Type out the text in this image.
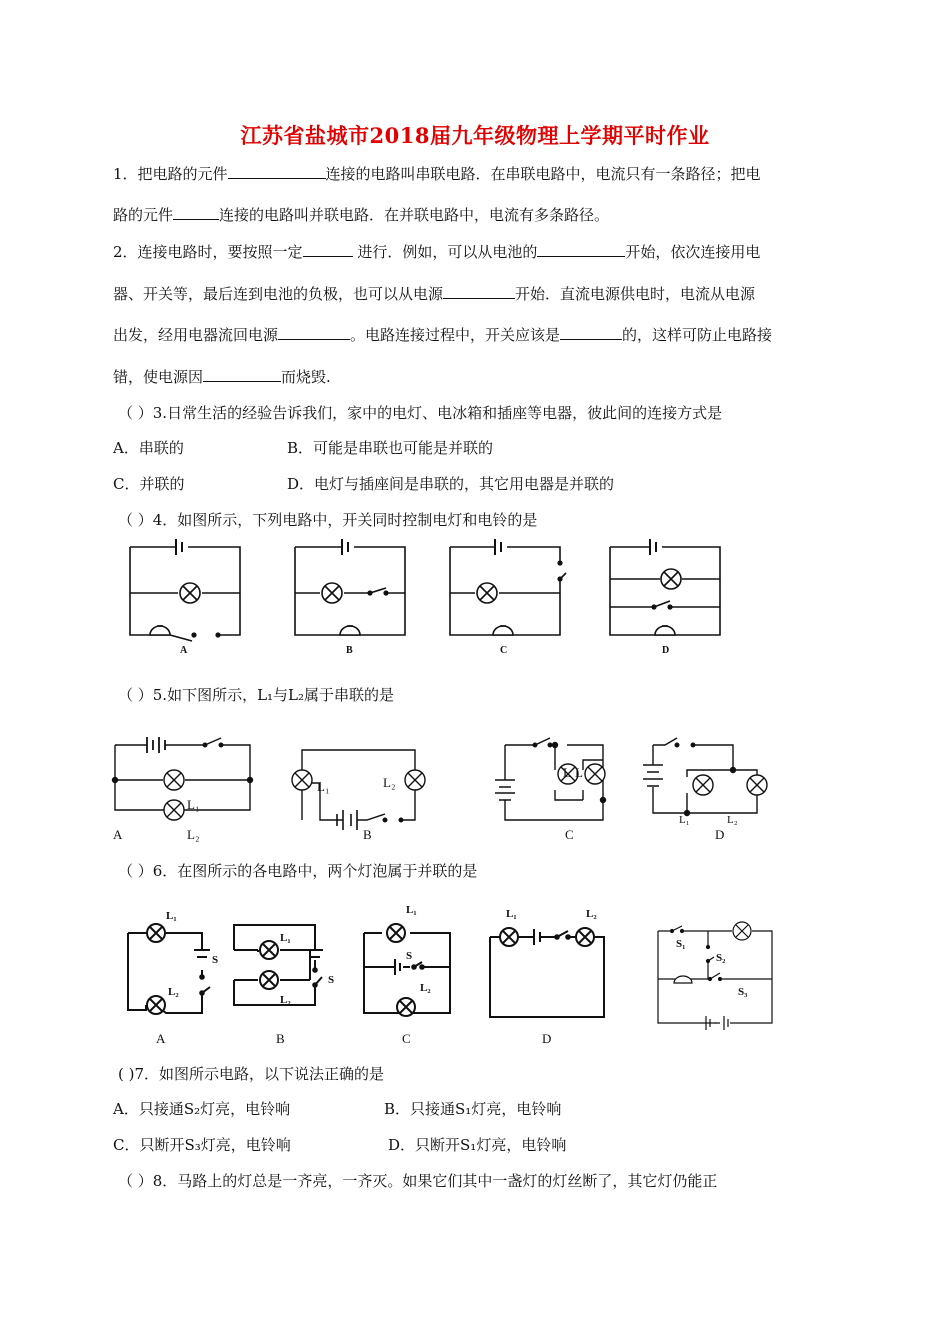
江苏省盐城市2018届九年级物理上学期平时作业
1．把电路的元件	连接的电路叫串联电路．在串联电路中，电流只有一条路径；把电
路的元件	连接的电路叫并联电路．在并联电路中，电流有多条路径。
2．连接电路时，要按照一定	进行．例如，可以从电池的	开始，依次连接用电
器、开关等，最后连到电池的负极，也可以从电源	开始．直流电源供电时，电流从电源
出发，经用电器流回电源	。电路连接过程中，开关应该是	的，这样可防止电路接
错，使电源因	而烧毁.
（ ）3.日常生活的经验告诉我们，家中的电灯、电冰箱和插座等电器，彼此间的连接方式是
A．串联的	B．可能是串联也可能是并联的
C．并联的	D．电灯与插座间是串联的，其它用电器是并联的
（ ）4．如图所示，下列电路中，开关同时控制电灯和电铃的是
A	B	C	D
（ ）5.如下图所示，L₁与L₂属于串联的是
L₁
L₂
L₁	L₂
L L
L₁	L₂
A	B	C	D
（ ）6．在图所示的各电路中，两个灯泡属于并联的是
L₁
L₂
S
L₁
L₂
S
L₁
S
L₂
L₁	L₂
S₁
S₂
S₃
A	B	C	D
( )7．如图所示电路，以下说法正确的是
A．只接通S₂灯亮，电铃响	B．只接通S₁灯亮，电铃响
C．只断开S₃灯亮，电铃响	D．只断开S₁灯亮，电铃响
（ ）8．马路上的灯总是一齐亮，一齐灭。如果它们其中一盏灯的灯丝断了，其它灯仍能正
